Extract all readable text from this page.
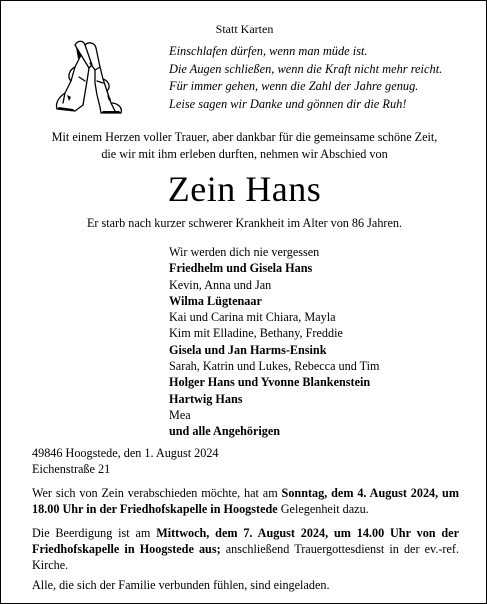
Statt Karten
Einschlafen dürfen, wenn man müde ist.
Die Augen schließen, wenn die Kraft nicht mehr reicht.
Für immer gehen, wenn die Zahl der Jahre genug.
Leise sagen wir Danke und gönnen dir die Ruh!
Mit einem Herzen voller Trauer, aber dankbar für die gemeinsame schöne Zeit,
die wir mit ihm erleben durften, nehmen wir Abschied von
Zein Hans
Er starb nach kurzer schwerer Krankheit im Alter von 86 Jahren.
Wir werden dich nie vergessen
Friedhelm und Gisela Hans
Kevin, Anna und Jan
Wilma Lügtenaar
Kai und Carina mit Chiara, Mayla
Kim mit Elladine, Bethany, Freddie
Gisela und Jan Harms-Ensink
Sarah, Katrin und Lukes, Rebecca und Tim
Holger Hans und Yvonne Blankenstein
Hartwig Hans
Mea
und alle Angehörigen
49846 Hoogstede, den 1. August 2024
Eichenstraße 21
Wer sich von Zein verabschieden möchte, hat am Sonntag, dem 4. August 2024, um 18.00 Uhr in der Friedhofskapelle in Hoogstede Gelegenheit dazu.
Die Beerdigung ist am Mittwoch, dem 7. August 2024, um 14.00 Uhr von der Friedhofskapelle in Hoogstede aus; anschließend Trauergottesdienst in der ev.-ref. Kirche.
Alle, die sich der Familie verbunden fühlen, sind eingeladen.
